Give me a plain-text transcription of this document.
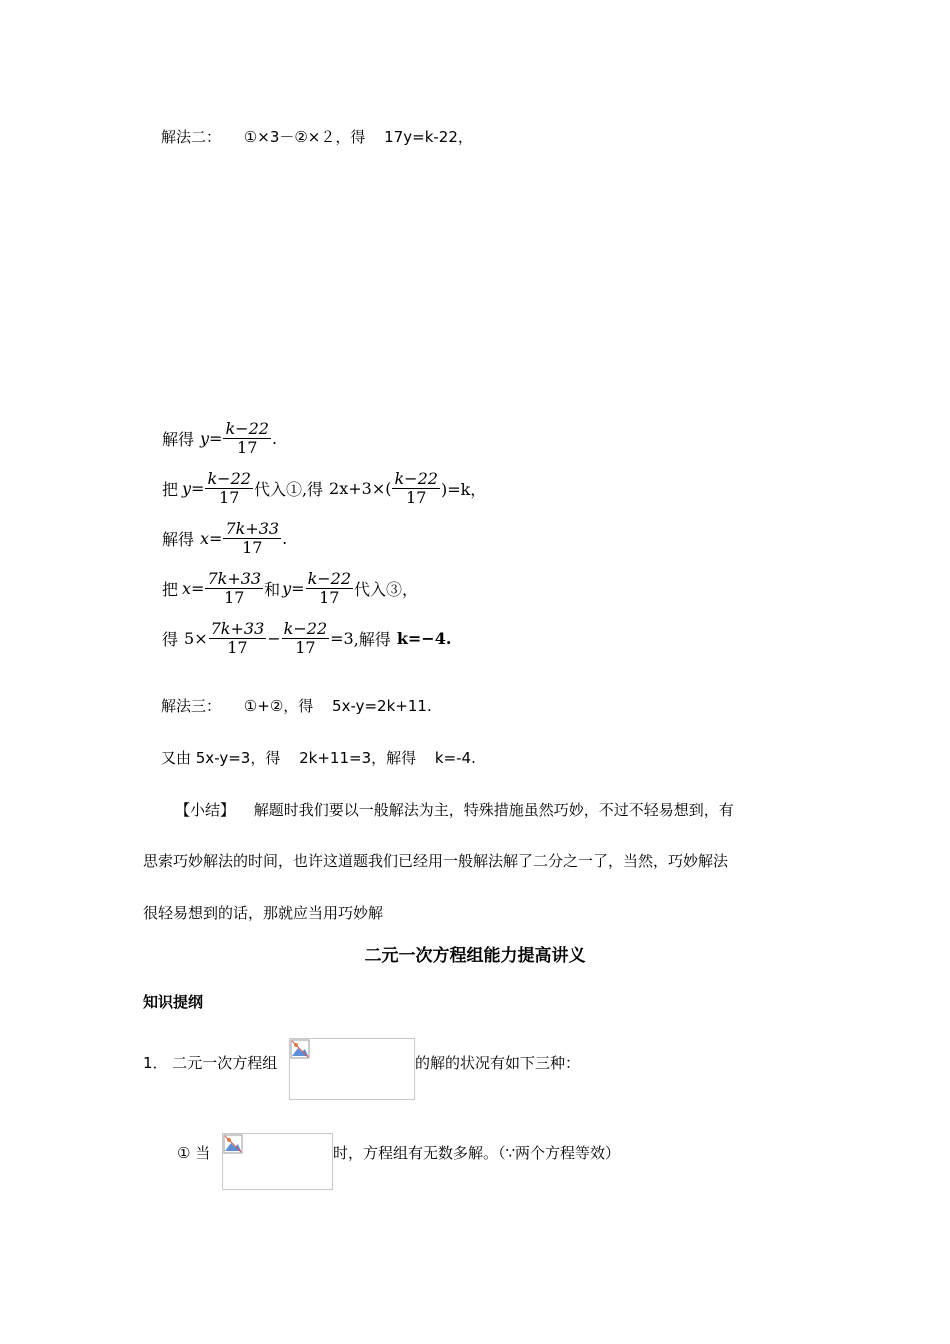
解法二： ①×3－②×２，得 17y=k-22，
解得 $y= \frac{k-22}{17}$ .
把 $y= \frac{k-22}{17}$ 代入① ,得 $2x+3\times( \frac{k-22}{17} )=k$，
解得 $x= \frac{7k+33}{17}$ .
把 $x= \frac{7k+33}{17}$ 和 $y= \frac{k-22}{17}$ 代入③，
得 $5\times \frac{7k+33}{17} - \frac{k-22}{17} =3$ ,解得 k=−4.
解法三： ①+②，得 5x-y=2k+11.
又由 5x-y=3，得 2k+11=3，解得 k=-4.
【小结】 解题时我们要以一般解法为主，特殊措施虽然巧妙，不过不轻易想到，有
思索巧妙解法的时间，也许这道题我们已经用一般解法解了二分之一了，当然，巧妙解法
很轻易想到的话，那就应当用巧妙解
二元一次方程组能力提高讲义
知识提纲
1． 二元一次方程组	的解的状况有如下三种：
① 当	时，方程组有无数多解。（∵两个方程等效）
